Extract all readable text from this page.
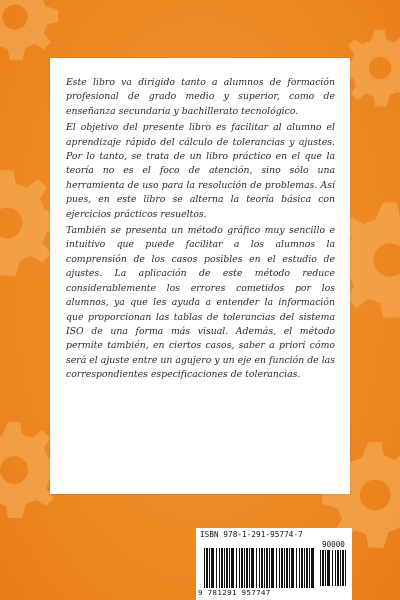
Este libro va dirigido tanto a alumnos de formación profesional de grado medio y superior, como de enseñanza secundaria y bachillerato tecnológico.

El objetivo del presente libro es facilitar al alumno el aprendizaje rápido del cálculo de tolerancias y ajustes. Por lo tanto, se trata de un libro práctico en el que la teoría no es el foco de atención, sino sólo una herramienta de uso para la resolución de problemas. Así pues, en este libro se alterna la teoría básica con ejercicios prácticos resueltos.

También se presenta un método gráfico muy sencillo e intuitivo que puede facilitar a los alumnos la comprensión de los casos posibles en el estudio de ajustes. La aplicación de este método reduce considerablemente los errores cometidos por los alumnos, ya que les ayuda a entender la información que proporcionan las tablas de tolerancias del sistema ISO de una forma más visual. Además, el método permite también, en ciertos casos, saber a priori cómo será el ajuste entre un agujero y un eje en función de las correspondientes especificaciones de tolerancias.

ISBN 978-1-291-95774-7
90000
9 781291 957747
